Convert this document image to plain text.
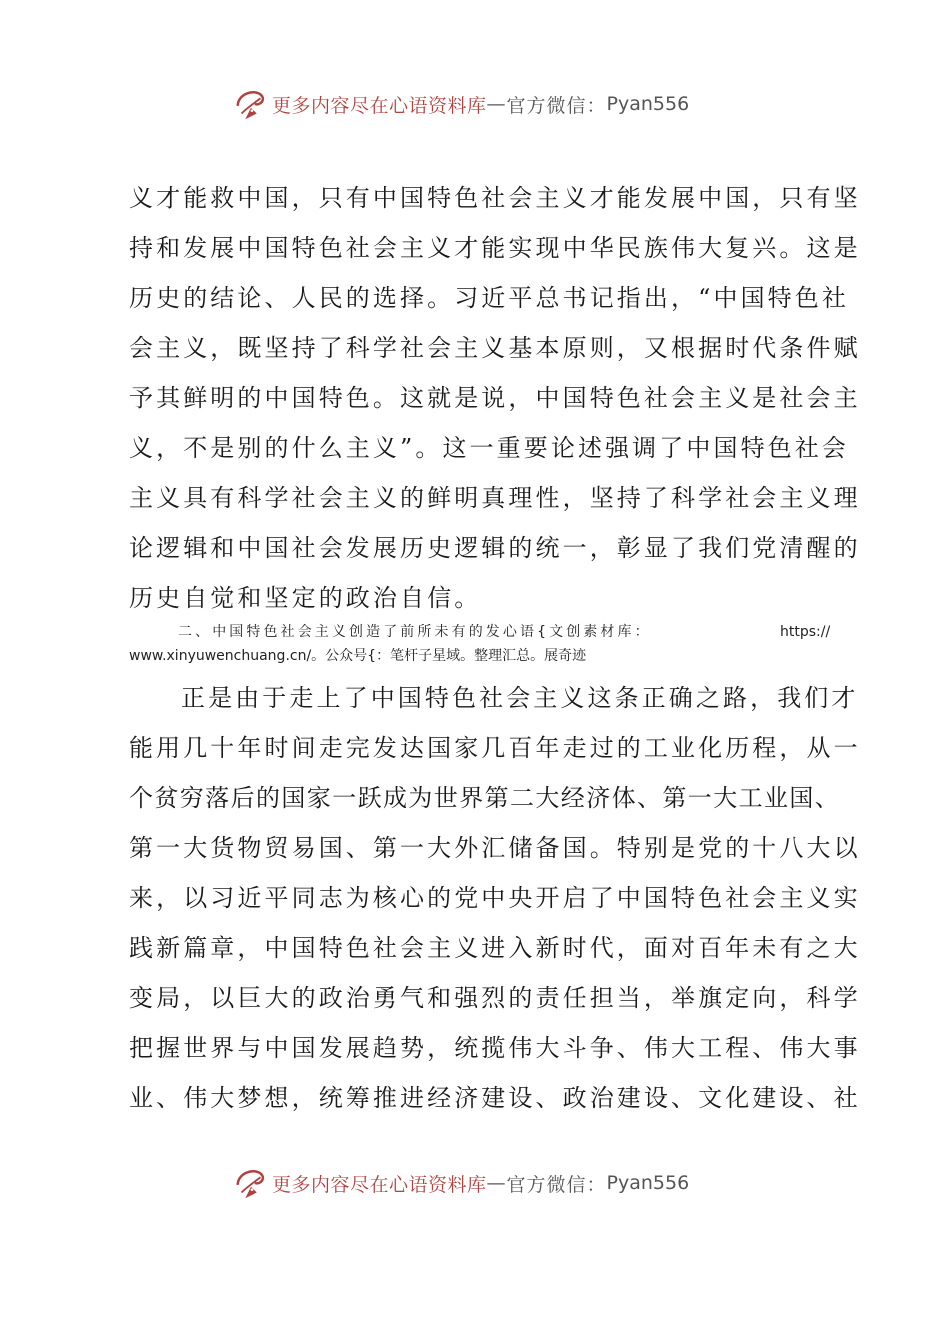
更多内容尽在心语资料库 — 官方微信： Pyan556

义才能救中国，只有中国特色社会主义才能发展中国，只有坚

持和发展中国特色社会主义才能实现中华民族伟大复兴。这是

历史的结论、人民的选择。习近平总书记指出，“中国特色社

会主义，既坚持了科学社会主义基本原则，又根据时代条件赋

予其鲜明的中国特色。这就是说，中国特色社会主义是社会主

义，不是别的什么主义”。这一重要论述强调了中国特色社会

主义具有科学社会主义的鲜明真理性，坚持了科学社会主义理

论逻辑和中国社会发展历史逻辑的统一，彰显了我们党清醒的

历史自觉和坚定的政治自信。

二、中国特色社会主义创造了前所未有的发心语{文创素材库：	https://

www.xinyuwenchuang.cn/。公众号{：笔杆子星域。整理汇总。展奇迹

正是由于走上了中国特色社会主义这条正确之路，我们才

能用几十年时间走完发达国家几百年走过的工业化历程，从一

个贫穷落后的国家一跃成为世界第二大经济体、第一大工业国、

第一大货物贸易国、第一大外汇储备国。特别是党的十八大以

来，以习近平同志为核心的党中央开启了中国特色社会主义实

践新篇章，中国特色社会主义进入新时代，面对百年未有之大

变局，以巨大的政治勇气和强烈的责任担当，举旗定向，科学

把握世界与中国发展趋势，统揽伟大斗争、伟大工程、伟大事

业、伟大梦想，统筹推进经济建设、政治建设、文化建设、社

更多内容尽在心语资料库 — 官方微信： Pyan556
